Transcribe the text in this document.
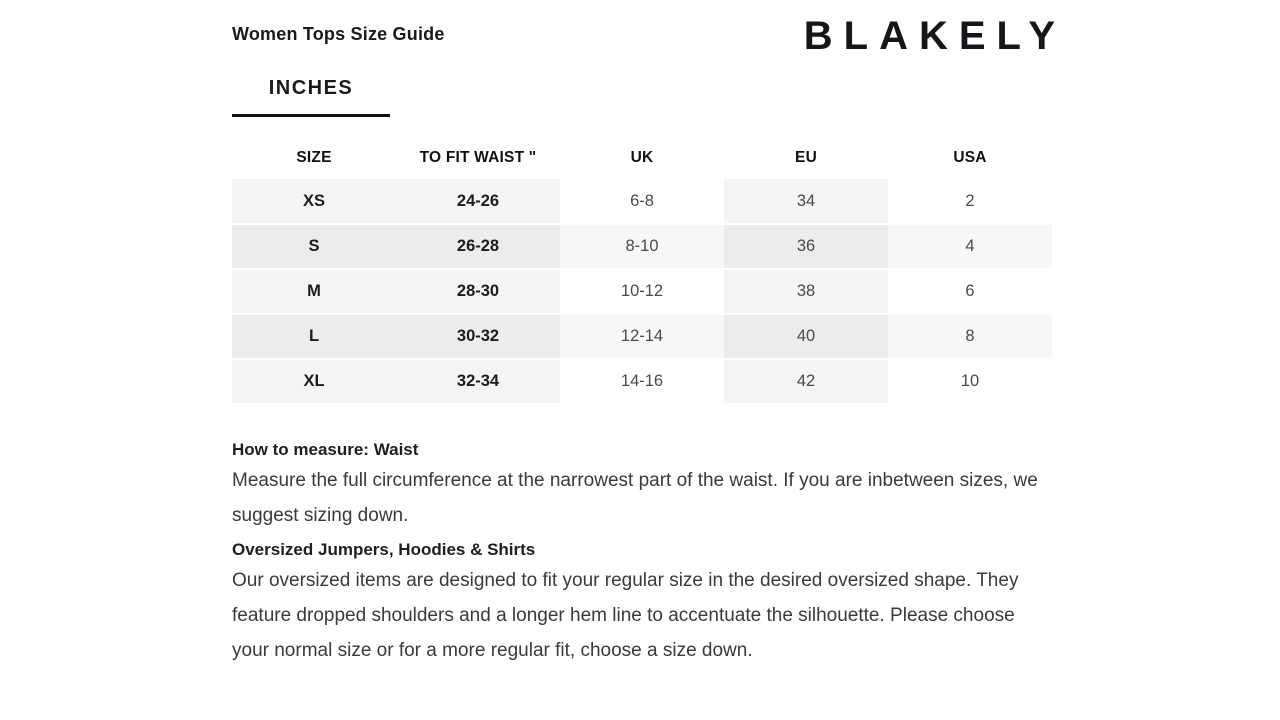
Women Tops Size Guide	BLAKELY
INCHES
SIZE	TO FIT WAIST "	UK	EU	USA
XS	24-26	6-8	34	2
S	26-28	8-10	36	4
M	28-30	10-12	38	6
L	30-32	12-14	40	8
XL	32-34	14-16	42	10
How to measure: Waist
Measure the full circumference at the narrowest part of the waist. If you are inbetween sizes, we suggest sizing down.
Oversized Jumpers, Hoodies & Shirts
Our oversized items are designed to fit your regular size in the desired oversized shape. They feature dropped shoulders and a longer hem line to accentuate the silhouette. Please choose your normal size or for a more regular fit, choose a size down.
